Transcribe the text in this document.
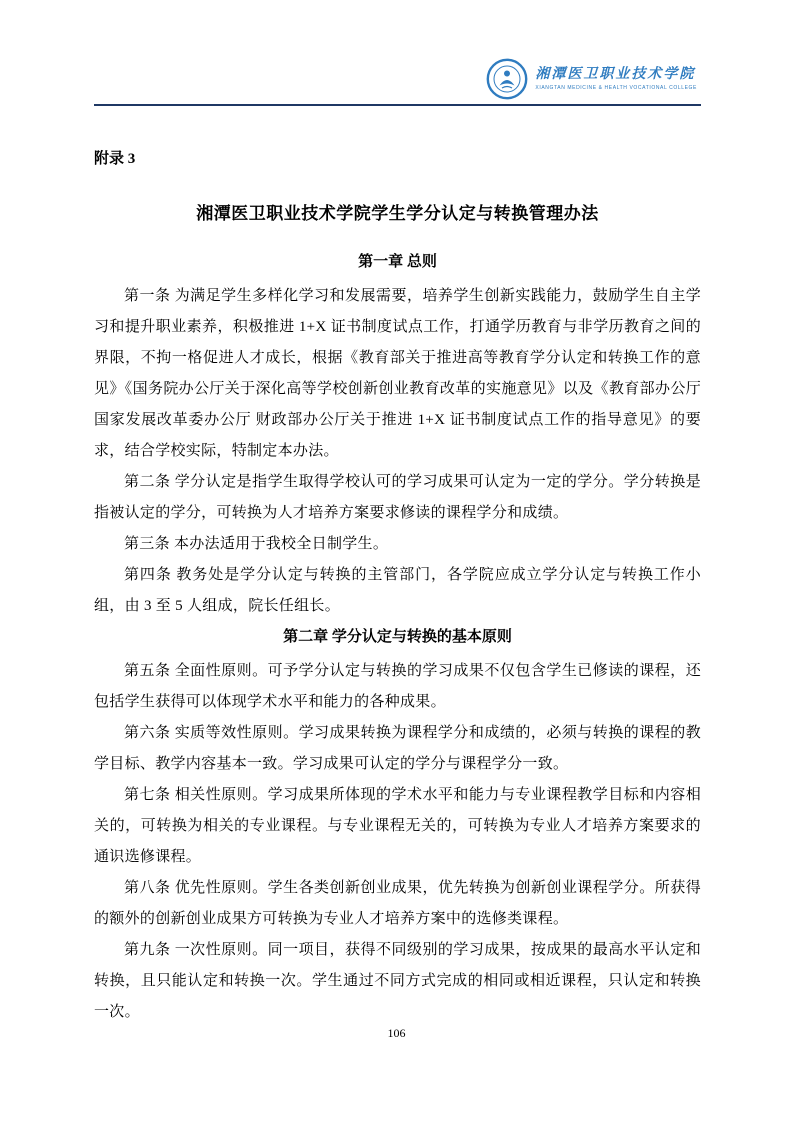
湘潭医卫职业技术学院
XIANGTAN MEDICINE & HEALTH VOCATIONAL COLLEGE

附录 3

湘潭医卫职业技术学院学生学分认定与转换管理办法
第一章 总则

第一条 为满足学生多样化学习和发展需要，培养学生创新实践能力，鼓励学生自主学习和提升职业素养，积极推进 1+X 证书制度试点工作，打通学历教育与非学历教育之间的界限，不拘一格促进人才成长，根据《教育部关于推进高等教育学分认定和转换工作的意见》《国务院办公厅关于深化高等学校创新创业教育改革的实施意见》以及《教育部办公厅 国家发展改革委办公厅 财政部办公厅关于推进 1+X 证书制度试点工作的指导意见》的要求，结合学校实际，特制定本办法。

第二条 学分认定是指学生取得学校认可的学习成果可认定为一定的学分。学分转换是指被认定的学分，可转换为人才培养方案要求修读的课程学分和成绩。

第三条 本办法适用于我校全日制学生。

第四条 教务处是学分认定与转换的主管部门，各学院应成立学分认定与转换工作小组，由 3 至 5 人组成，院长任组长。

第二章 学分认定与转换的基本原则

第五条 全面性原则。可予学分认定与转换的学习成果不仅包含学生已修读的课程，还包括学生获得可以体现学术水平和能力的各种成果。

第六条 实质等效性原则。学习成果转换为课程学分和成绩的，必须与转换的课程的教学目标、教学内容基本一致。学习成果可认定的学分与课程学分一致。

第七条 相关性原则。学习成果所体现的学术水平和能力与专业课程教学目标和内容相关的，可转换为相关的专业课程。与专业课程无关的，可转换为专业人才培养方案要求的通识选修课程。

第八条 优先性原则。学生各类创新创业成果，优先转换为创新创业课程学分。所获得的额外的创新创业成果方可转换为专业人才培养方案中的选修类课程。

第九条 一次性原则。同一项目，获得不同级别的学习成果，按成果的最高水平认定和转换，且只能认定和转换一次。学生通过不同方式完成的相同或相近课程，只认定和转换一次。

106
